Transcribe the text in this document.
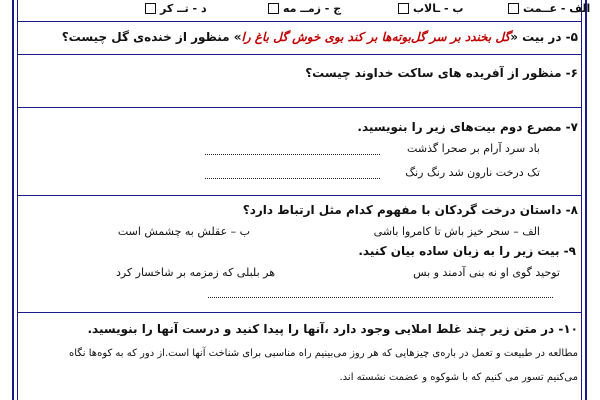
الف - عــمت
ب - ـالاب
ج - زمــ مه
د - تــ کر
۵- در بیت «گل بخندد بر سر گل‌بوته‌ها بر کند بوی خوش گل باغ را» منظور از خنده‌ی گل چیست؟
۶- منظور از آفریده های ساکت خداوند چیست؟
۷- مصرع دوم بیت‌های زیر را بنویسید.
باد سرد آرام بر صحرا گذشت
تک درخت نارون شد رنگ رنگ
۸- داستان درخت گردکان با مفهوم کدام مثل ارتباط دارد؟
الف – سحر خیز باش تا کامروا باشی
ب – عقلش به چشمش است
۹- بیت زیر را به زبان ساده بیان کنید.
توحید گوی او نه بنی آدمند و بس
هر بلبلی که زمزمه بر شاخسار کرد
۱۰- در متن زیر چند غلط املایی وجود دارد ،آنها را پیدا کنید و درست آنها را بنویسید.
مطالعه در طبیعت و تعمل در باره‌ی چیزهایی که هر روز می‌بینیم راه مناسبی برای شناخت آنها است.از دور که به کوه‌ها نگاه
می‌کنیم تسور می کنیم که با شوکوه و عضمت نشسته اند.
